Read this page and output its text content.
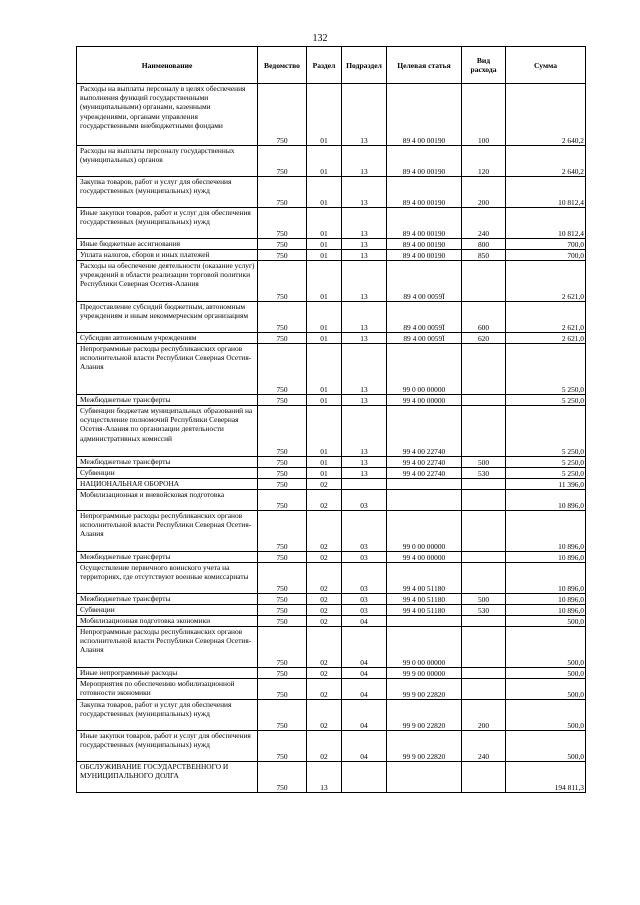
132
Наименование	Ведомство	Раздел	Подраздел	Целевая статья	Вид расхода	Сумма
Расходы на выплаты персоналу в целях обеспечения выполнения функций государственными (муниципальными) органами, казенными учреждениями, органами управления государственными внебюджетными фондами	750	01	13	89 4 00 00190	100	2 640,2
Расходы на выплаты персоналу государственных (муниципальных) органов	750	01	13	89 4 00 00190	120	2 640,2
Закупка товаров, работ и услуг для обеспечения государственных (муниципальных) нужд	750	01	13	89 4 00 00190	200	10 812,4
Иные закупки товаров, работ и услуг для обеспечения государственных (муниципальных) нужд	750	01	13	89 4 00 00190	240	10 812,4
Иные бюджетные ассигнования	750	01	13	89 4 00 00190	800	700,0
Уплата налогов, сборов и иных платежей	750	01	13	89 4 00 00190	850	700,0
Расходы на обеспечение деятельности (оказание услуг) учреждений в области реализации торговой политики Республики Северная Осетия-Алания	750	01	13	89 4 00 0059Ї		2 621,0
Предоставление субсидий бюджетным, автономным учреждениям и иным некоммерческим организациям	750	01	13	89 4 00 0059Ї	600	2 621,0
Субсидии автономным учреждениям	750	01	13	89 4 00 0059Ї	620	2 621,0
Непрограммные расходы республиканских органов исполнительной власти Республики Северная Осетия-Алания	750	01	13	99 0 00 00000		5 250,0
Межбюджетные трансферты	750	01	13	99 4 00 00000		5 250,0
Субвенции бюджетам муниципальных образований на осуществление полномочий Республики Северная Осетия-Алания по организации деятельности административных комиссий	750	01	13	99 4 00 22740		5 250,0
Межбюджетные трансферты	750	01	13	99 4 00 22740	500	5 250,0
Субвенции	750	01	13	99 4 00 22740	530	5 250,0
НАЦИОНАЛЬНАЯ ОБОРОНА	750	02				11 396,0
Мобилизационная и вневойсковая подготовка	750	02	03			10 896,0
Непрограммные расходы республиканских органов исполнительной власти Республики Северная Осетия-Алания	750	02	03	99 0 00 00000		10 896,0
Межбюджетные трансферты	750	02	03	99 4 00 00000		10 896,0
Осуществление первичного воинского учета на территориях, где отсутствуют военные комиссариаты	750	02	03	99 4 00 51180		10 896,0
Межбюджетные трансферты	750	02	03	99 4 00 51180	500	10 896,0
Субвенции	750	02	03	99 4 00 51180	530	10 896,0
Мобилизационная подготовка экономики	750	02	04			500,0
Непрограммные расходы республиканских органов исполнительной власти Республики Северная Осетия-Алания	750	02	04	99 0 00 00000		500,0
Иные непрограммные расходы	750	02	04	99 9 00 00000		500,0
Мероприятия по обеспечению мобилизационной готовности экономики	750	02	04	99 9 00 22820		500,0
Закупка товаров, работ и услуг для обеспечения государственных (муниципальных) нужд	750	02	04	99 9 00 22820	200	500,0
Иные закупки товаров, работ и услуг для обеспечения государственных (муниципальных) нужд	750	02	04	99 9 00 22820	240	500,0
ОБСЛУЖИВАНИЕ ГОСУДАРСТВЕННОГО И МУНИЦИПАЛЬНОГО ДОЛГА	750	13				194 811,3
